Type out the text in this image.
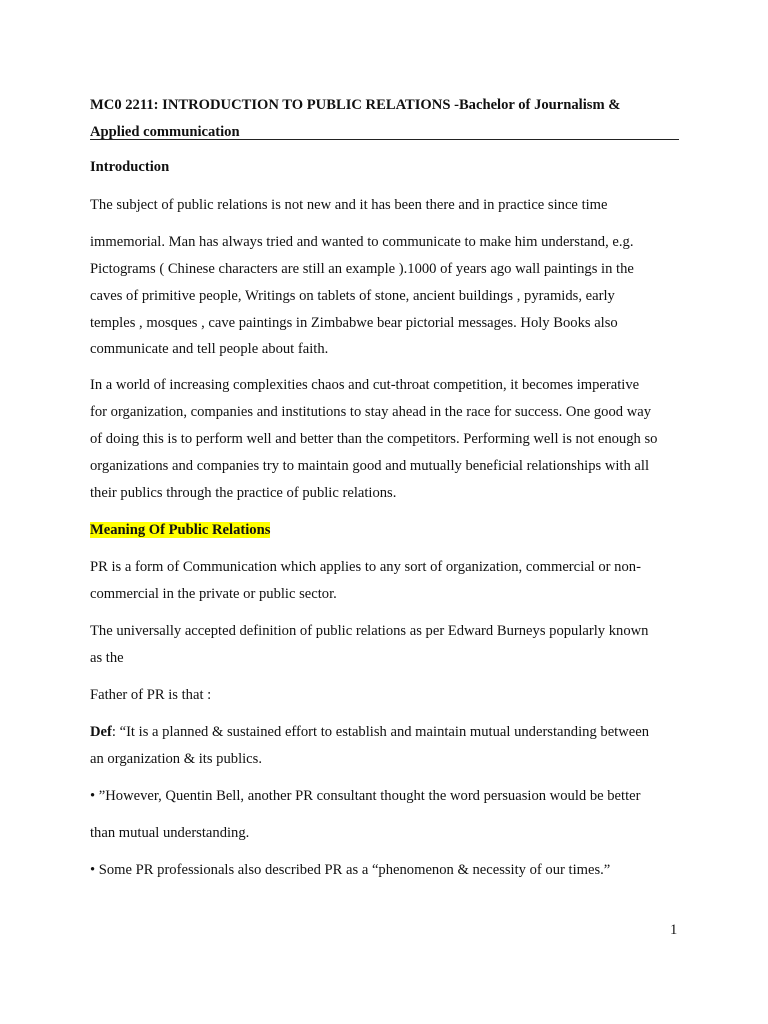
MC0 2211: INTRODUCTION TO PUBLIC RELATIONS -Bachelor of Journalism &
Applied communication

Introduction

The subject of public relations is not new and it has been there and in practice since time

immemorial. Man has always tried and wanted to communicate to make him understand, e.g.

Pictograms ( Chinese characters are still an example ).1000 of years ago wall paintings in the

caves of primitive people, Writings on tablets of stone, ancient buildings , pyramids, early

temples , mosques , cave paintings in Zimbabwe bear pictorial messages. Holy Books also

communicate and tell people about faith.

In a world of increasing complexities chaos and cut-throat competition, it becomes imperative

for organization, companies and institutions to stay ahead in the race for success. One good way

of doing this is to perform well and better than the competitors. Performing well is not enough so

organizations and companies try to maintain good and mutually beneficial relationships with all

their publics through the practice of public relations.

Meaning Of Public Relations

PR is a form of Communication which applies to any sort of organization, commercial or non-

commercial in the private or public sector.

The universally accepted definition of public relations as per Edward Burneys popularly known

as the

Father of PR is that :

Def: “It is a planned & sustained effort to establish and maintain mutual understanding between

an organization & its publics.

• ”However, Quentin Bell, another PR consultant thought the word persuasion would be better

than mutual understanding.

• Some PR professionals also described PR as a “phenomenon & necessity of our times.”

1
